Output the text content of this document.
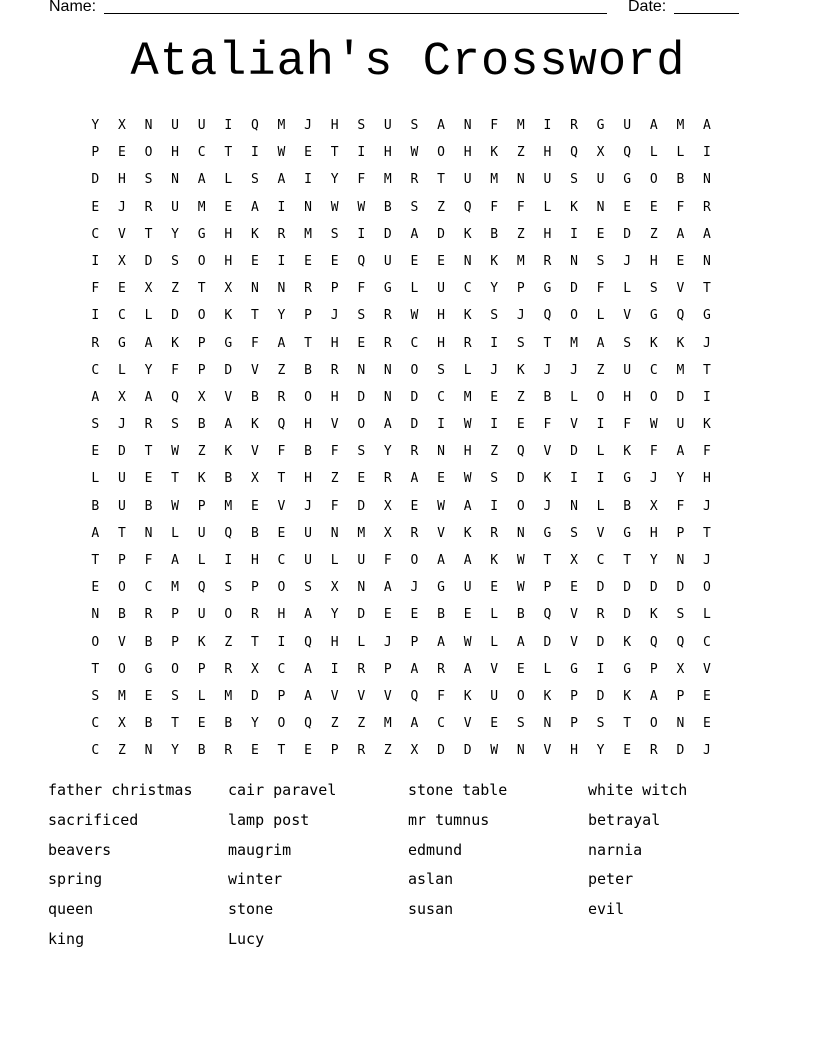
Name:	Date:
Ataliah's Crossword
Y	X	N	U	U	I	Q	M	J	H	S	U	S	A	N	F	M	I	R	G	U	A	M	A
P	E	O	H	C	T	I	W	E	T	I	H	W	O	H	K	Z	H	Q	X	Q	L	L	I
D	H	S	N	A	L	S	A	I	Y	F	M	R	T	U	M	N	U	S	U	G	O	B	N
E	J	R	U	M	E	A	I	N	W	W	B	S	Z	Q	F	F	L	K	N	E	E	F	R
C	V	T	Y	G	H	K	R	M	S	I	D	A	D	K	B	Z	H	I	E	D	Z	A	A
I	X	D	S	O	H	E	I	E	E	Q	U	E	E	N	K	M	R	N	S	J	H	E	N
F	E	X	Z	T	X	N	N	R	P	F	G	L	U	C	Y	P	G	D	F	L	S	V	T
I	C	L	D	O	K	T	Y	P	J	S	R	W	H	K	S	J	Q	O	L	V	G	Q	G
R	G	A	K	P	G	F	A	T	H	E	R	C	H	R	I	S	T	M	A	S	K	K	J
C	L	Y	F	P	D	V	Z	B	R	N	N	O	S	L	J	K	J	J	Z	U	C	M	T
A	X	A	Q	X	V	B	R	O	H	D	N	D	C	M	E	Z	B	L	O	H	O	D	I
S	J	R	S	B	A	K	Q	H	V	O	A	D	I	W	I	E	F	V	I	F	W	U	K
E	D	T	W	Z	K	V	F	B	F	S	Y	R	N	H	Z	Q	V	D	L	K	F	A	F
L	U	E	T	K	B	X	T	H	Z	E	R	A	E	W	S	D	K	I	I	G	J	Y	H
B	U	B	W	P	M	E	V	J	F	D	X	E	W	A	I	O	J	N	L	B	X	F	J
A	T	N	L	U	Q	B	E	U	N	M	X	R	V	K	R	N	G	S	V	G	H	P	T
T	P	F	A	L	I	H	C	U	L	U	F	O	A	A	K	W	T	X	C	T	Y	N	J
E	O	C	M	Q	S	P	O	S	X	N	A	J	G	U	E	W	P	E	D	D	D	D	O
N	B	R	P	U	O	R	H	A	Y	D	E	E	B	E	L	B	Q	V	R	D	K	S	L
O	V	B	P	K	Z	T	I	Q	H	L	J	P	A	W	L	A	D	V	D	K	Q	Q	C
T	O	G	O	P	R	X	C	A	I	R	P	A	R	A	V	E	L	G	I	G	P	X	V
S	M	E	S	L	M	D	P	A	V	V	V	Q	F	K	U	O	K	P	D	K	A	P	E
C	X	B	T	E	B	Y	O	Q	Z	Z	M	A	C	V	E	S	N	P	S	T	O	N	E
C	Z	N	Y	B	R	E	T	E	P	R	Z	X	D	D	W	N	V	H	Y	E	R	D	J
father christmas	cair paravel	stone table	white witch
sacrificed	lamp post	mr tumnus	betrayal
beavers	maugrim	edmund	narnia
spring	winter	aslan	peter
queen	stone	susan	evil
king	Lucy
